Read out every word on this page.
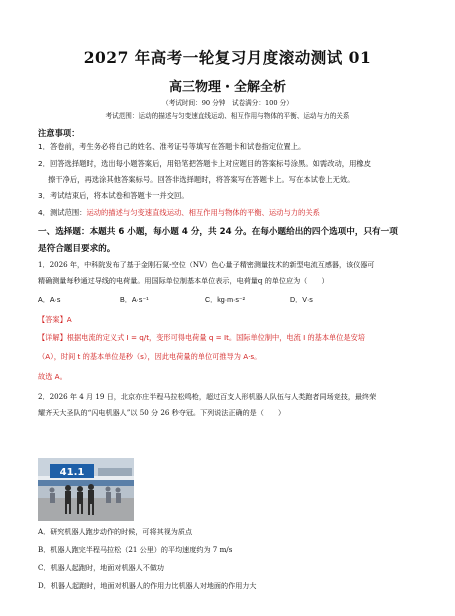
2027 年高考一轮复习月度滚动测试 01
高三物理・全解全析
（考试时间：90 分钟　试卷满分：100 分）
考试范围：运动的描述与匀变速直线运动、相互作用与物体的平衡、运动与力的关系
注意事项：
1．答卷前，考生务必将自己的姓名、准考证号等填写在答题卡和试卷指定位置上。
2．回答选择题时，选出每小题答案后，用铅笔把答题卡上对应题目的答案标号涂黑。如需改动，用橡皮
擦干净后，再选涂其他答案标号。回答非选择题时，将答案写在答题卡上。写在本试卷上无效。
3．考试结束后，将本试卷和答题卡一并交回。
4．测试范围：运动的描述与匀变速直线运动、相互作用与物体的平衡、运动与力的关系
一、选择题：本题共 6 小题，每小题 4 分，共 24 分。在每小题给出的四个选项中，只有一项
是符合题目要求的。
1．2026 年，中科院发布了基于金刚石氮-空位（NV）色心量子精密测量技术的新型电流互感器，该仪器可
精确测量每秒通过导线的电荷量。用国际单位制基本单位表示，电荷量q 的单位应为（　　）
A．A·s	B．A·s⁻¹	C．kg·m·s⁻²	D．V·s
【答案】A
【详解】根据电流的定义式 I = q/t，变形可得电荷量 q = It。国际单位制中，电流 I 的基本单位是安培
（A），时间 t 的基本单位是秒（s），因此电荷量的单位可推导为 A·s。
故选 A。
2．2026 年 4 月 19 日，北京亦庄半程马拉松鸣枪，超过百支人形机器人队伍与人类跑者同场竞技，最终荣
耀齐天大圣队的“闪电机器人”以 50 分 26 秒夺冠。下列说法正确的是（　　）
41.1
A．研究机器人跑步动作的时候，可将其视为质点
B．机器人跑完半程马拉松（21 公里）的平均速度约为 7 m/s
C．机器人起跑时，地面对机器人不做功
D．机器人起跑时，地面对机器人的作用力比机器人对地面的作用力大
